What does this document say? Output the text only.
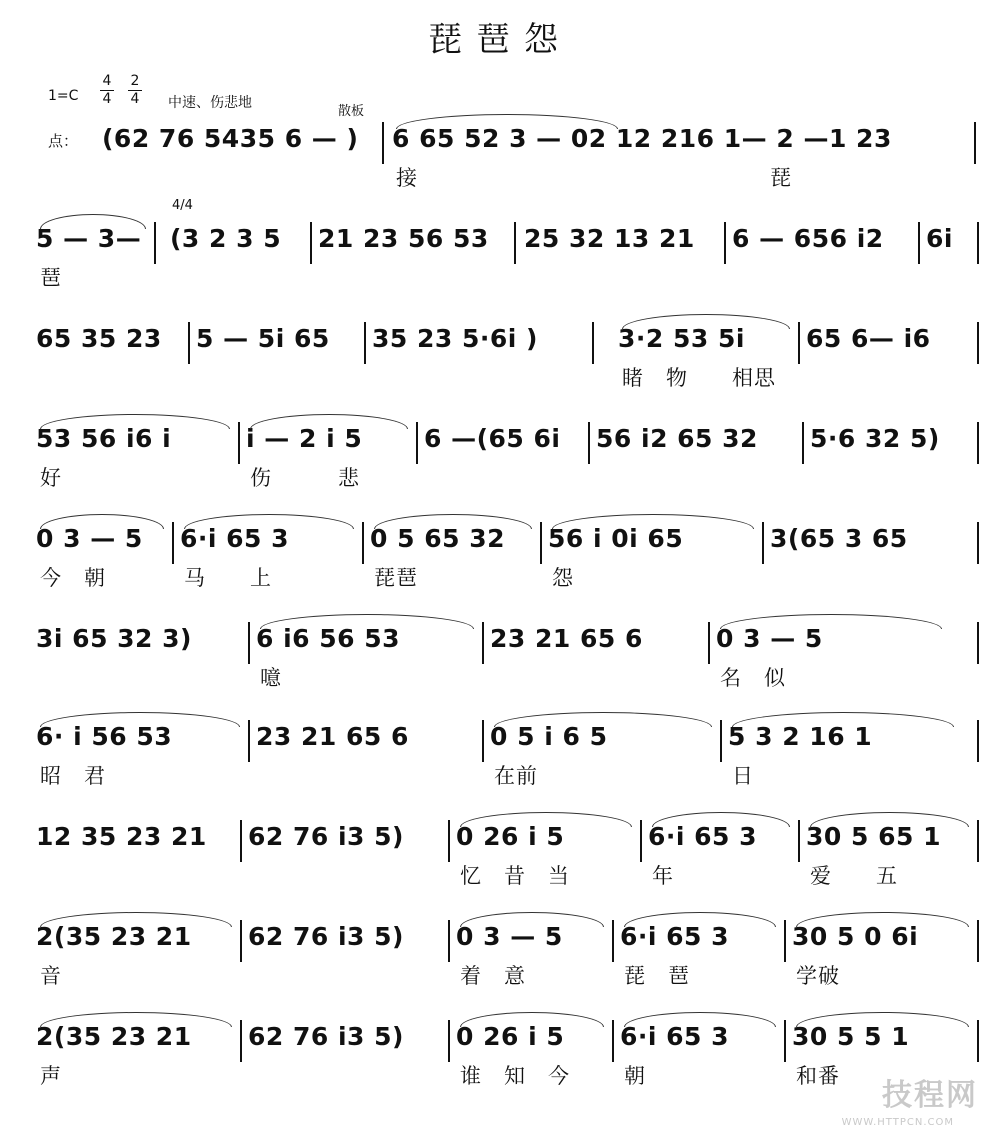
琵琶怨
1=C
4
4
2
4 中速、伤悲地
散板
点：
4/4
(62 76 5435 6 — )	6 65 52 3 — 02 12 216 1— 2 —1 23
接　　　　　　　　　　　　　　　　琵
5 — 3—
琶
(3 2 3 5	21 23 56 53	25 32 13 21	6 — 656 i2	6i
65 35 23	5 — 5i 65	35 23 5·6i )	3·2 53 5i
睹　物　　相思
65 6— i6
53 56 i6 i
好
i — 2 i 5
伤　　　悲
6 —(65 6i	56 i2 65 32	5·6 32 5)
0 3 — 5
今　朝
6·i 65 3
马　　上
0 5 65 32
琵琶
56 i 0i 65
怨
3(65 3 65
3i 65 32 3)	6 i6 56 53
噫
23 21 65 6	0 3 — 5
名　似
6· i 56 53
昭　君
23 21 65 6	0 5 i 6 5
在前
5 3 2 16 1
日
12 35 23 21	62 76 i3 5)	0 26 i 5
忆　昔　当
6·i 65 3
年
30 5 65 1
爱　　五
2(35 23 21
音
62 76 i3 5)	0 3 — 5
着　意
6·i 65 3
琵　琶
30 5 0 6i
学破
2(35 23 21
声
62 76 i3 5)	0 26 i 5
谁　知　今
6·i 65 3
朝
30 5 5 1
和番
技程网
WWW.HTTPCN.COM
